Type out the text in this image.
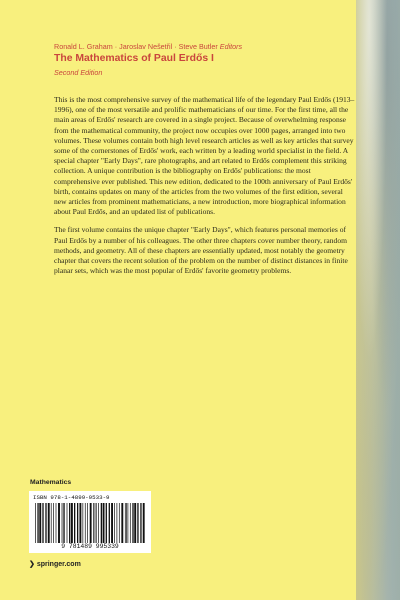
Ronald L. Graham · Jaroslav Nešetřil · Steve Butler Editors
The Mathematics of Paul Erdős I
Second Edition

This is the most comprehensive survey of the mathematical life of the legendary Paul Erdős (1913–1996), one of the most versatile and prolific mathematicians of our time. For the first time, all the main areas of Erdős' research are covered in a single project. Because of overwhelming response from the mathematical community, the project now occupies over 1000 pages, arranged into two volumes. These volumes contain both high level research articles as well as key articles that survey some of the cornerstones of Erdős' work, each written by a leading world specialist in the field. A special chapter "Early Days", rare photographs, and art related to Erdős complement this striking collection. A unique contribution is the bibliography on Erdős' publications: the most comprehensive ever published. This new edition, dedicated to the 100th anniversary of Paul Erdős' birth, contains updates on many of the articles from the two volumes of the first edition, several new articles from prominent mathematicians, a new introduction, more biographical information about Paul Erdős, and an updated list of publications.

The first volume contains the unique chapter "Early Days", which features personal memories of Paul Erdős by a number of his colleagues. The other three chapters cover number theory, random methods, and geometry. All of these chapters are essentially updated, most notably the geometry chapter that covers the recent solution of the problem on the number of distinct distances in finite planar sets, which was the most popular of Erdős' favorite geometry problems.

Mathematics
ISBN 978-1-4899-9533-9
9 781489 995339
❯ springer.com
